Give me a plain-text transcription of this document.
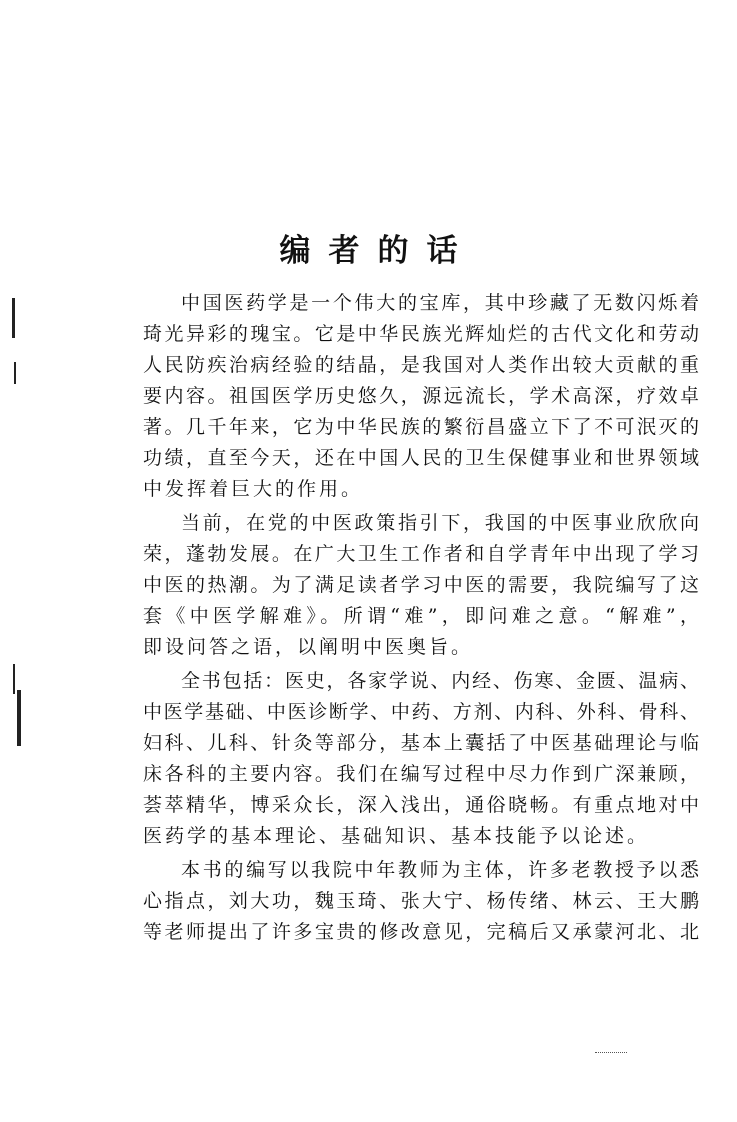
编者的话
中国医药学是一个伟大的宝库，其中珍藏了无数闪烁着
琦光异彩的瑰宝。它是中华民族光辉灿烂的古代文化和劳动
人民防疾治病经验的结晶，是我国对人类作出较大贡献的重
要内容。祖国医学历史悠久，源远流长，学术高深，疗效卓
著。几千年来，它为中华民族的繁衍昌盛立下了不可泯灭的
功绩，直至今天，还在中国人民的卫生保健事业和世界领域
中发挥着巨大的作用。
当前，在党的中医政策指引下，我国的中医事业欣欣向
荣，蓬勃发展。在广大卫生工作者和自学青年中出现了学习
中医的热潮。为了满足读者学习中医的需要，我院编写了这
套《中医学解难》。所谓“难”，即问难之意。“解难”，
即设问答之语，以阐明中医奥旨。
全书包括：医史，各家学说、内经、伤寒、金匮、温病、
中医学基础、中医诊断学、中药、方剂、内科、外科、骨科、
妇科、儿科、针灸等部分，基本上囊括了中医基础理论与临
床各科的主要内容。我们在编写过程中尽力作到广深兼顾，
荟萃精华，博采众长，深入浅出，通俗晓畅。有重点地对中
医药学的基本理论、基础知识、基本技能予以论述。
本书的编写以我院中年教师为主体，许多老教授予以悉
心指点，刘大功，魏玉琦、张大宁、杨传绪、林云、王大鹏
等老师提出了许多宝贵的修改意见，完稿后又承蒙河北、北
